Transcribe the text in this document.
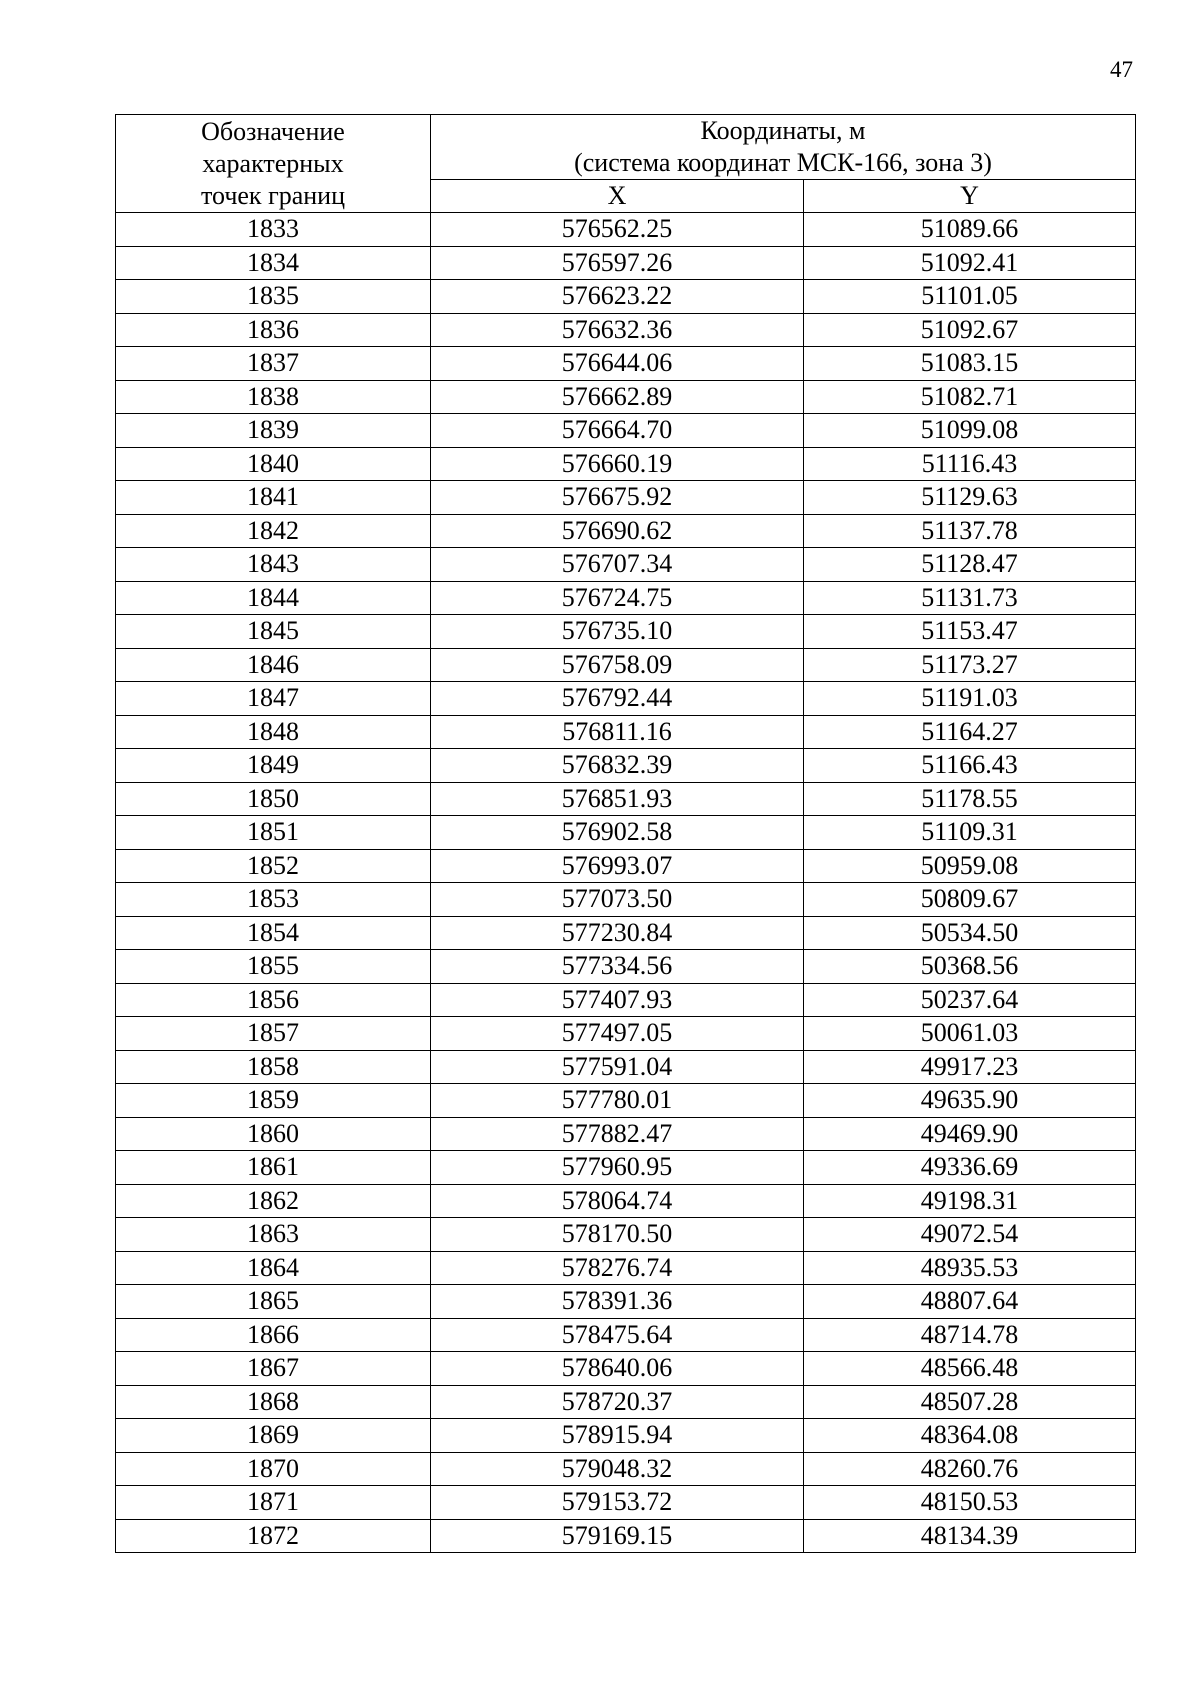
47
Обозначение
характерных
точек границ	Координаты, м
(система координат МСК-166, зона 3)	

	X	Y
1833	576562.25	51089.66
1834	576597.26	51092.41
1835	576623.22	51101.05
1836	576632.36	51092.67
1837	576644.06	51083.15
1838	576662.89	51082.71
1839	576664.70	51099.08
1840	576660.19	51116.43
1841	576675.92	51129.63
1842	576690.62	51137.78
1843	576707.34	51128.47
1844	576724.75	51131.73
1845	576735.10	51153.47
1846	576758.09	51173.27
1847	576792.44	51191.03
1848	576811.16	51164.27
1849	576832.39	51166.43
1850	576851.93	51178.55
1851	576902.58	51109.31
1852	576993.07	50959.08
1853	577073.50	50809.67
1854	577230.84	50534.50
1855	577334.56	50368.56
1856	577407.93	50237.64
1857	577497.05	50061.03
1858	577591.04	49917.23
1859	577780.01	49635.90
1860	577882.47	49469.90
1861	577960.95	49336.69
1862	578064.74	49198.31
1863	578170.50	49072.54
1864	578276.74	48935.53
1865	578391.36	48807.64
1866	578475.64	48714.78
1867	578640.06	48566.48
1868	578720.37	48507.28
1869	578915.94	48364.08
1870	579048.32	48260.76
1871	579153.72	48150.53
1872	579169.15	48134.39
